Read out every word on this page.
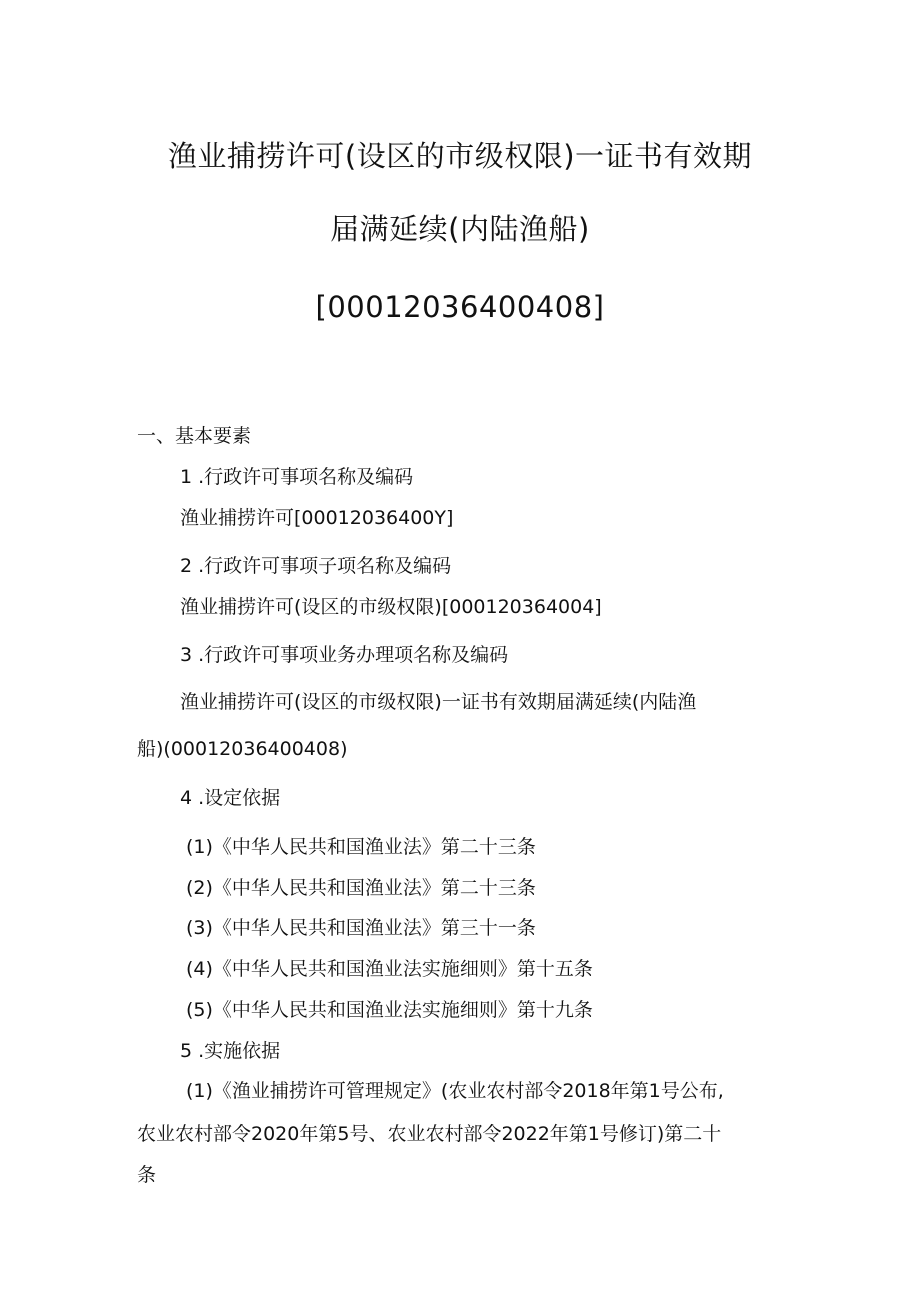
渔业捕捞许可(设区的市级权限)一证书有效期
届满延续(内陆渔船)
[00012036400408]
一、基本要素
1 .行政许可事项名称及编码
渔业捕捞许可[00012036400Y]
2 .行政许可事项子项名称及编码
渔业捕捞许可(设区的市级权限)[000120364004]
3 .行政许可事项业务办理项名称及编码
渔业捕捞许可(设区的市级权限)一证书有效期届满延续(内陆渔
船)(00012036400408)
4 .设定依据
(1)《中华人民共和国渔业法》第二十三条
(2)《中华人民共和国渔业法》第二十三条
(3)《中华人民共和国渔业法》第三十一条
(4)《中华人民共和国渔业法实施细则》第十五条
(5)《中华人民共和国渔业法实施细则》第十九条
5 .实施依据
(1)《渔业捕捞许可管理规定》(农业农村部令2018年第1号公布,
农业农村部令2020年第5号、农业农村部令2022年第1号修订)第二十
条
